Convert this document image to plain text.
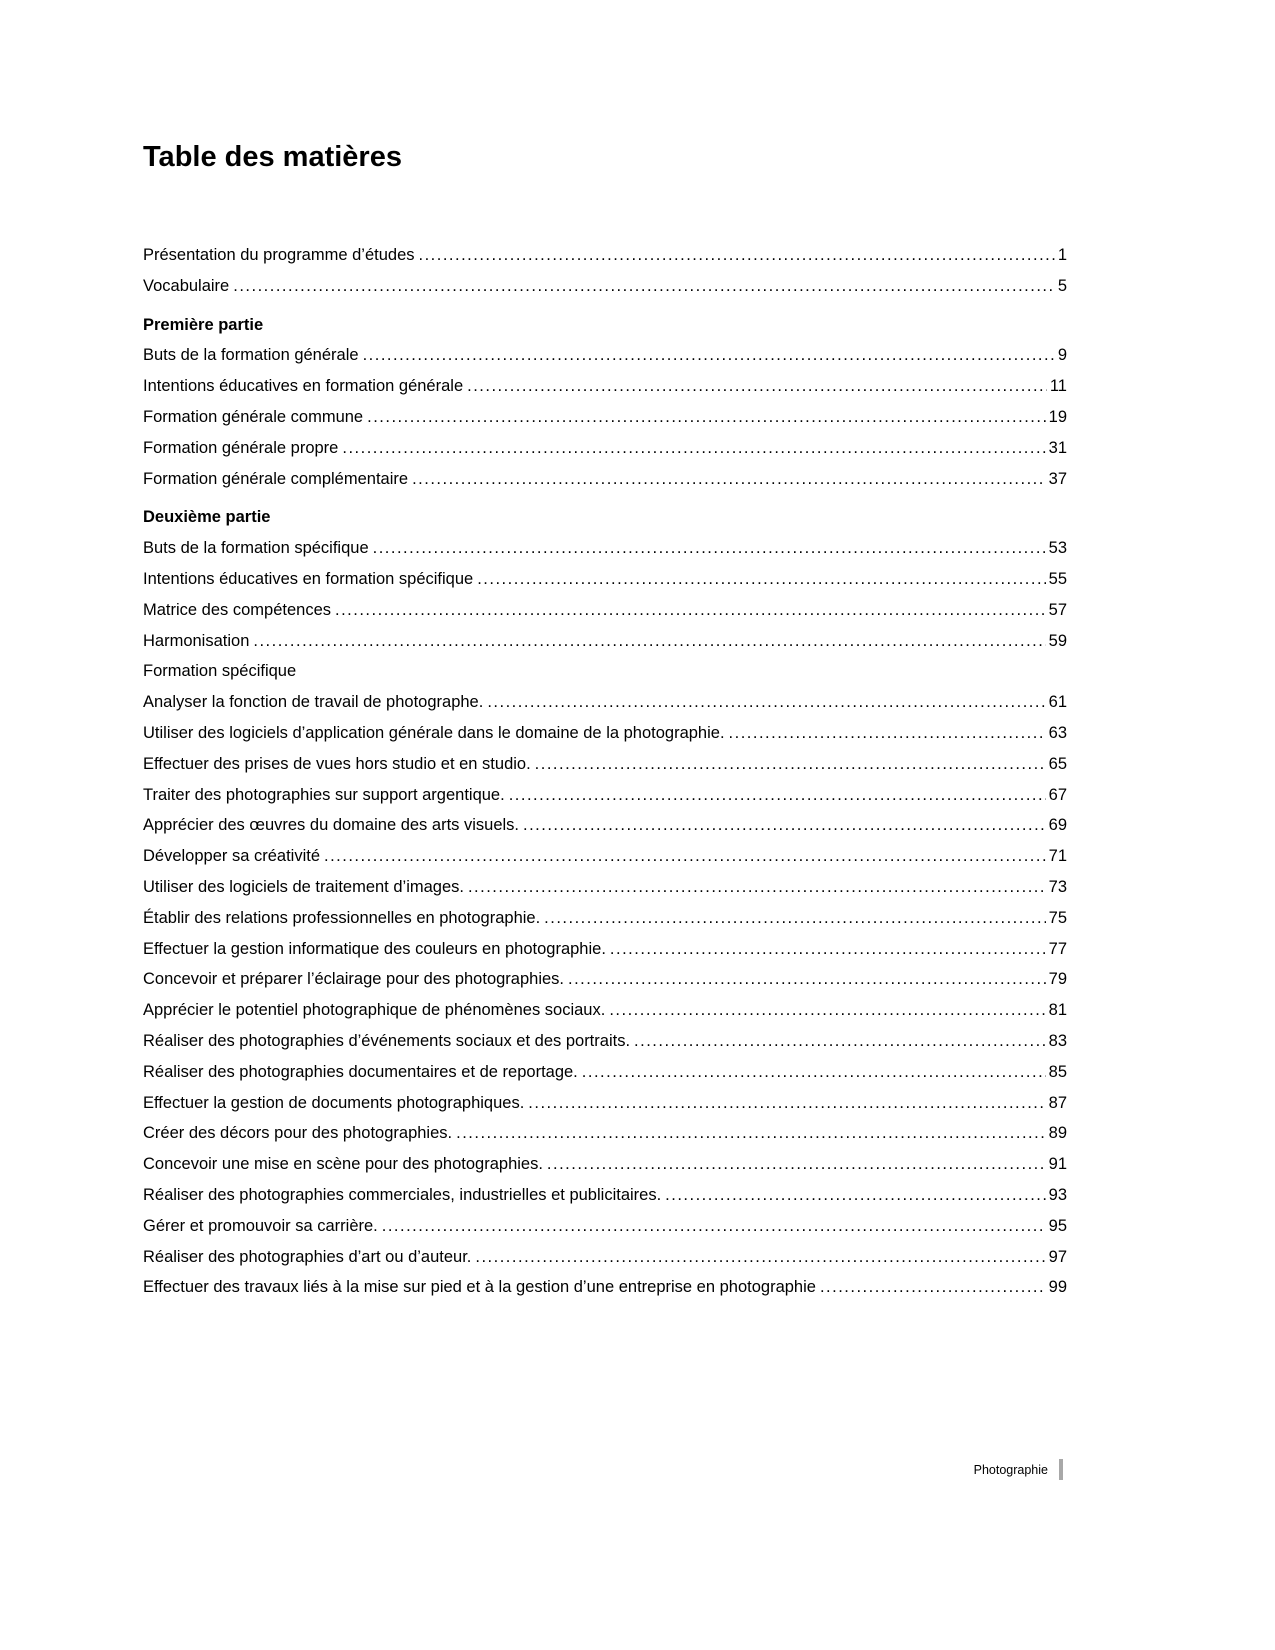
Table des matières
Présentation du programme d’études .....	1
Vocabulaire .....	5
Première partie
Buts de la formation générale .....	9
Intentions éducatives en formation générale .....	11
Formation générale commune .....	19
Formation générale propre .....	31
Formation générale complémentaire .....	37
Deuxième partie
Buts de la formation spécifique .....	53
Intentions éducatives en formation spécifique .....	55
Matrice des compétences .....	57
Harmonisation .....	59
Formation spécifique
Analyser la fonction de travail de photographe. .....	61
Utiliser des logiciels d’application générale dans le domaine de la photographie. .....	63
Effectuer des prises de vues hors studio et en studio. .....	65
Traiter des photographies sur support argentique. .....	67
Apprécier des œuvres du domaine des arts visuels. .....	69
Développer sa créativité .....	71
Utiliser des logiciels de traitement d’images. .....	73
Établir des relations professionnelles en photographie. .....	75
Effectuer la gestion informatique des couleurs en photographie. .....	77
Concevoir et préparer l’éclairage pour des photographies. .....	79
Apprécier le potentiel photographique de phénomènes sociaux. .....	81
Réaliser des photographies d’événements sociaux et des portraits. .....	83
Réaliser des photographies documentaires et de reportage. .....	85
Effectuer la gestion de documents photographiques. .....	87
Créer des décors pour des photographies. .....	89
Concevoir une mise en scène pour des photographies. .....	91
Réaliser des photographies commerciales, industrielles et publicitaires. .....	93
Gérer et promouvoir sa carrière. .....	95
Réaliser des photographies d’art ou d’auteur. .....	97
Effectuer des travaux liés à la mise sur pied et à la gestion d’une entreprise en photographie .....	99
Photographie
